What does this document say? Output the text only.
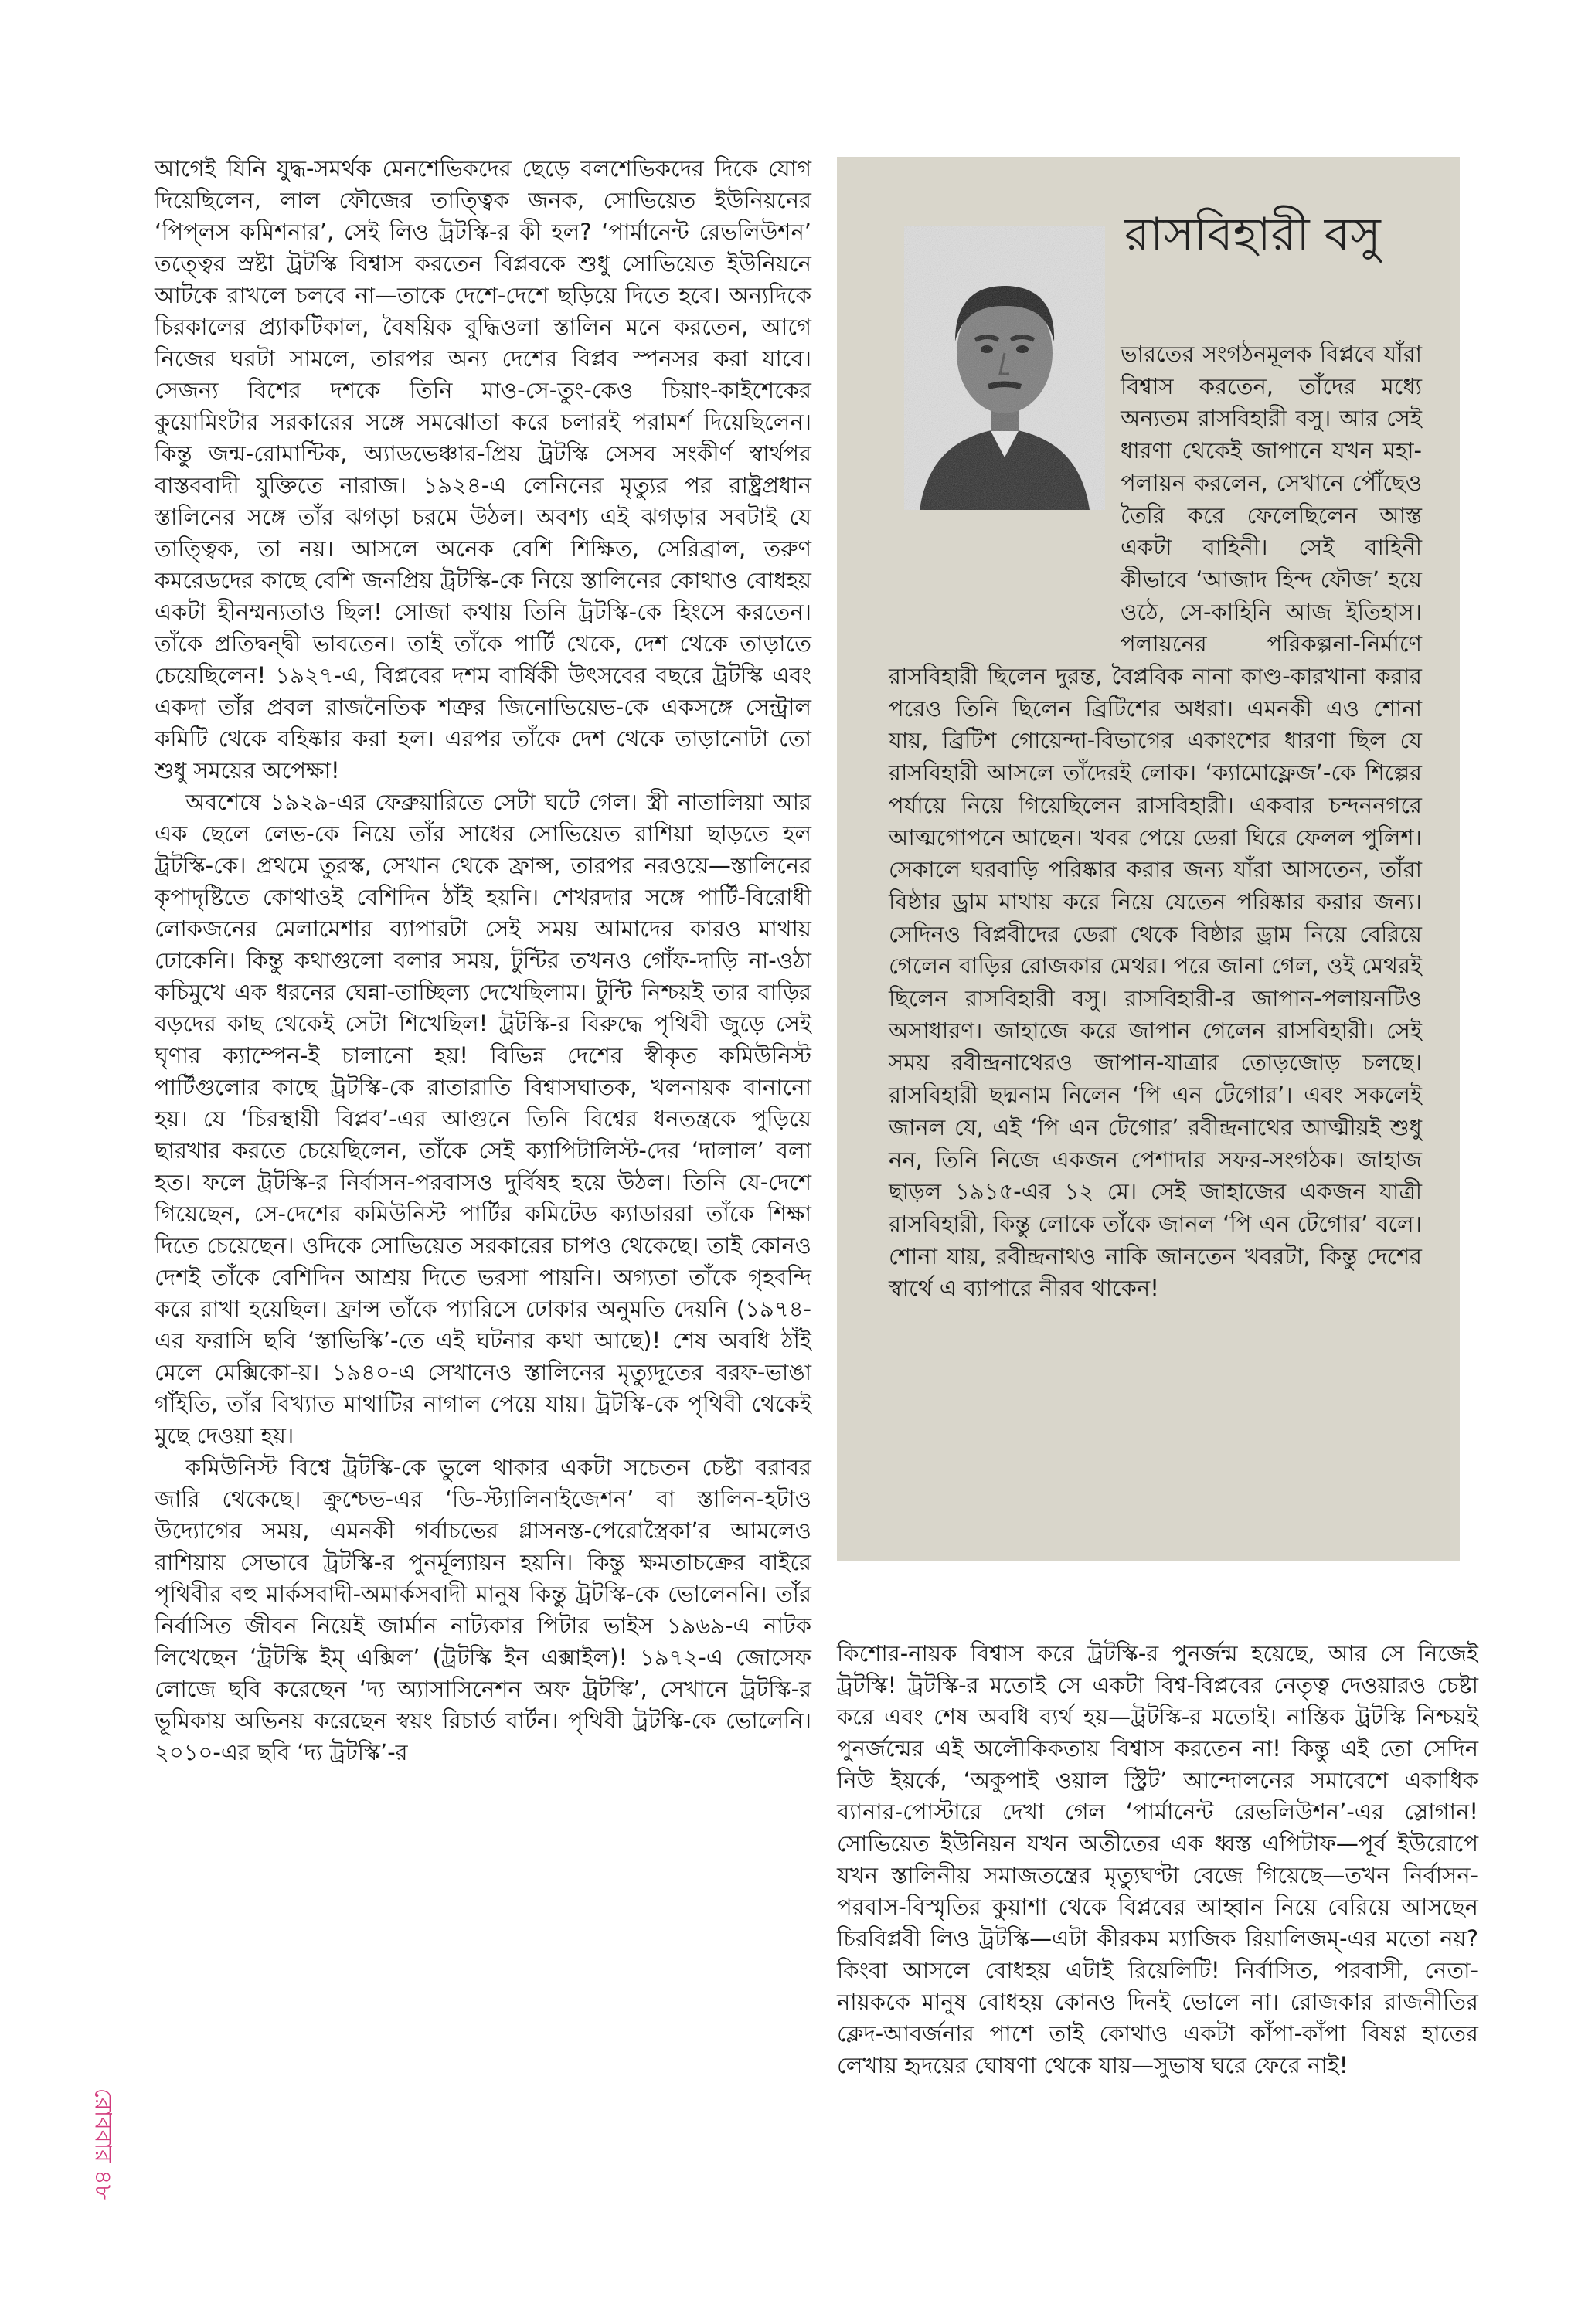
আগেই যিনি যুদ্ধ-সমর্থক মেনশেভিকদের ছেড়ে বলশেভিকদের দিকে যোগ দিয়েছিলেন, লাল ফৌজের তাত্ত্বিক জনক, সোভিয়েত ইউনিয়নের ‘পিপ্‌লস কমিশনার’, সেই লিও ট্রটস্কি-র কী হল? ‘পার্মানেন্ট রেভলিউশন’ তত্ত্বের স্রষ্টা ট্রটস্কি বিশ্বাস করতেন বিপ্লবকে শুধু সোভিয়েত ইউনিয়নে আটকে রাখলে চলবে না—তাকে দেশে-দেশে ছড়িয়ে দিতে হবে। অন্যদিকে চিরকালের প্র্যাকটিকাল, বৈষয়িক বুদ্ধিওলা স্তালিন মনে করতেন, আগে নিজের ঘরটা সামলে, তারপর অন্য দেশের বিপ্লব স্পনসর করা যাবে। সেজন্য বিশের দশকে তিনি মাও-সে-তুং-কেও চিয়াং-কাইশেকের কুয়োমিংটার সরকারের সঙ্গে সমঝোতা করে চলারই পরামর্শ দিয়েছিলেন। কিন্তু জন্ম-রোমান্টিক, অ্যাডভেঞ্চার-প্রিয় ট্রটস্কি সেসব সংকীর্ণ স্বার্থপর বাস্তববাদী যুক্তিতে নারাজ। ১৯২৪-এ লেনিনের মৃত্যুর পর রাষ্ট্রপ্রধান স্তালিনের সঙ্গে তাঁর ঝগড়া চরমে উঠল। অবশ্য এই ঝগড়ার সবটাই যে তাত্ত্বিক, তা নয়। আসলে অনেক বেশি শিক্ষিত, সেরিব্রাল, তরুণ কমরেডদের কাছে বেশি জনপ্রিয় ট্রটস্কি-কে নিয়ে স্তালিনের কোথাও বোধহয় একটা হীনম্মন্যতাও ছিল! সোজা কথায় তিনি ট্রটস্কি-কে হিংসে করতেন। তাঁকে প্রতিদ্বন্দ্বী ভাবতেন। তাই তাঁকে পার্টি থেকে, দেশ থেকে তাড়াতে চেয়েছিলেন! ১৯২৭-এ, বিপ্লবের দশম বার্ষিকী উৎসবের বছরে ট্রটস্কি এবং একদা তাঁর প্রবল রাজনৈতিক শত্রুর জিনোভিয়েভ-কে একসঙ্গে সেন্ট্রাল কমিটি থেকে বহিষ্কার করা হল। এরপর তাঁকে দেশ থেকে তাড়ানোটা তো শুধু সময়ের অপেক্ষা!

অবশেষে ১৯২৯-এর ফেব্রুয়ারিতে সেটা ঘটে গেল। স্ত্রী নাতালিয়া আর এক ছেলে লেভ-কে নিয়ে তাঁর সাধের সোভিয়েত রাশিয়া ছাড়তে হল ট্রটস্কি-কে। প্রথমে তুরস্ক, সেখান থেকে ফ্রান্স, তারপর নরওয়ে—স্তালিনের কৃপাদৃষ্টিতে কোথাওই বেশিদিন ঠাঁই হয়নি। শেখরদার সঙ্গে পার্টি-বিরোধী লোকজনের মেলামেশার ব্যাপারটা সেই সময় আমাদের কারও মাথায় ঢোকেনি। কিন্তু কথাগুলো বলার সময়, টুন্টির তখনও গোঁফ-দাড়ি না-ওঠা কচিমুখে এক ধরনের ঘেন্না-তাচ্ছিল্য দেখেছিলাম। টুন্টি নিশ্চয়ই তার বাড়ির বড়দের কাছ থেকেই সেটা শিখেছিল! ট্রটস্কি-র বিরুদ্ধে পৃথিবী জুড়ে সেই ঘৃণার ক্যাম্পেন-ই চালানো হয়! বিভিন্ন দেশের স্বীকৃত কমিউনিস্ট পার্টিগুলোর কাছে ট্রটস্কি-কে রাতারাতি বিশ্বাসঘাতক, খলনায়ক বানানো হয়। যে ‘চিরস্থায়ী বিপ্লব’-এর আগুনে তিনি বিশ্বের ধনতন্ত্রকে পুড়িয়ে ছারখার করতে চেয়েছিলেন, তাঁকে সেই ক্যাপিটালিস্ট-দের ‘দালাল’ বলা হত। ফলে ট্রটস্কি-র নির্বাসন-পরবাসও দুর্বিষহ হয়ে উঠল। তিনি যে-দেশে গিয়েছেন, সে-দেশের কমিউনিস্ট পার্টির কমিটেড ক্যাডাররা তাঁকে শিক্ষা দিতে চেয়েছেন। ওদিকে সোভিয়েত সরকারের চাপও থেকেছে। তাই কোনও দেশই তাঁকে বেশিদিন আশ্রয় দিতে ভরসা পায়নি। অগ্যতা তাঁকে গৃহবন্দি করে রাখা হয়েছিল। ফ্রান্স তাঁকে প্যারিসে ঢোকার অনুমতি দেয়নি (১৯৭৪-এর ফরাসি ছবি ‘স্তাভিস্কি’-তে এই ঘটনার কথা আছে)! শেষ অবধি ঠাঁই মেলে মেক্সিকো-য়। ১৯৪০-এ সেখানেও স্তালিনের মৃত্যুদূতের বরফ-ভাঙা গাঁইতি, তাঁর বিখ্যাত মাথাটির নাগাল পেয়ে যায়। ট্রটস্কি-কে পৃথিবী থেকেই মুছে দেওয়া হয়।

কমিউনিস্ট বিশ্বে ট্রটস্কি-কে ভুলে থাকার একটা সচেতন চেষ্টা বরাবর জারি থেকেছে। ক্রুশ্চেভ-এর ‘ডি-স্ট্যালিনাইজেশন’ বা স্তালিন-হটাও উদ্যোগের সময়, এমনকী গর্বাচভের গ্লাসনস্ত-পেরোস্ত্রৈকা’র আমলেও রাশিয়ায় সেভাবে ট্রটস্কি-র পুনর্মূল্যায়ন হয়নি। কিন্তু ক্ষমতাচক্রের বাইরে পৃথিবীর বহু মার্কসবাদী-অমার্কসবাদী মানুষ কিন্তু ট্রটস্কি-কে ভোলেননি। তাঁর নির্বাসিত জীবন নিয়েই জার্মান নাট্যকার পিটার ভাইস ১৯৬৯-এ নাটক লিখেছেন ‘ট্রটস্কি ইম্‌ এক্সিল’ (ট্রটস্কি ইন এক্সাইল)! ১৯৭২-এ জোসেফ লোজে ছবি করেছেন ‘দ্য অ্যাসাসিনেশন অফ ট্রটস্কি’, সেখানে ট্রটস্কি-র ভূমিকায় অভিনয় করেছেন স্বয়ং রিচার্ড বার্টন। পৃথিবী ট্রটস্কি-কে ভোলেনি। ২০১০-এর ছবি ‘দ্য ট্রটস্কি’-র

রাসবিহারী বসু

ভারতের সংগঠনমূলক বিপ্লবে যাঁরা বিশ্বাস করতেন, তাঁদের মধ্যে অন্যতম রাসবিহারী বসু। আর সেই ধারণা থেকেই জাপানে যখন মহা-পলায়ন করলেন, সেখানে পৌঁছেও তৈরি করে ফেলেছিলেন আস্ত একটা বাহিনী। সেই বাহিনী কীভাবে ‘আজাদ হিন্দ ফৌজ’ হয়ে ওঠে, সে-কাহিনি আজ ইতিহাস। পলায়নের পরিকল্পনা-নির্মাণে রাসবিহারী ছিলেন দুরন্ত, বৈপ্লবিক নানা কাণ্ড-কারখানা করার পরেও তিনি ছিলেন ব্রিটিশের অধরা। এমনকী এও শোনা যায়, ব্রিটিশ গোয়েন্দা-বিভাগের একাংশের ধারণা ছিল যে রাসবিহারী আসলে তাঁদেরই লোক। ‘ক্যামোফ্লেজ’-কে শিল্পের পর্যায়ে নিয়ে গিয়েছিলেন রাসবিহারী। একবার চন্দননগরে আত্মগোপনে আছেন। খবর পেয়ে ডেরা ঘিরে ফেলল পুলিশ। সেকালে ঘরবাড়ি পরিষ্কার করার জন্য যাঁরা আসতেন, তাঁরা বিষ্ঠার ড্রাম মাথায় করে নিয়ে যেতেন পরিষ্কার করার জন্য। সেদিনও বিপ্লবীদের ডেরা থেকে বিষ্ঠার ড্রাম নিয়ে বেরিয়ে গেলেন বাড়ির রোজকার মেথর। পরে জানা গেল, ওই মেথরই ছিলেন রাসবিহারী বসু। রাসবিহারী-র জাপান-পলায়নটিও অসাধারণ। জাহাজে করে জাপান গেলেন রাসবিহারী। সেই সময় রবীন্দ্রনাথেরও জাপান-যাত্রার তোড়জোড় চলছে। রাসবিহারী ছদ্মনাম নিলেন ‘পি এন টেগোর’। এবং সকলেই জানল যে, এই ‘পি এন টেগোর’ রবীন্দ্রনাথের আত্মীয়ই শুধু নন, তিনি নিজে একজন পেশাদার সফর-সংগঠক। জাহাজ ছাড়ল ১৯১৫-এর ১২ মে। সেই জাহাজের একজন যাত্রী রাসবিহারী, কিন্তু লোকে তাঁকে জানল ‘পি এন টেগোর’ বলে। শোনা যায়, রবীন্দ্রনাথও নাকি জানতেন খবরটা, কিন্তু দেশের স্বার্থে এ ব্যাপারে নীরব থাকেন!

কিশোর-নায়ক বিশ্বাস করে ট্রটস্কি-র পুনর্জন্ম হয়েছে, আর সে নিজেই ট্রটস্কি! ট্রটস্কি-র মতোই সে একটা বিশ্ব-বিপ্লবের নেতৃত্ব দেওয়ারও চেষ্টা করে এবং শেষ অবধি ব্যর্থ হয়—ট্রটস্কি-র মতোই। নাস্তিক ট্রটস্কি নিশ্চয়ই পুনর্জন্মের এই অলৌকিকতায় বিশ্বাস করতেন না! কিন্তু এই তো সেদিন নিউ ইয়র্কে, ‘অকুপাই ওয়াল স্ট্রিট’ আন্দোলনের সমাবেশে একাধিক ব্যানার-পোস্টারে দেখা গেল ‘পার্মানেন্ট রেভলিউশন’-এর স্লোগান! সোভিয়েত ইউনিয়ন যখন অতীতের এক ধ্বস্ত এপিটাফ—পূর্ব ইউরোপে যখন স্তালিনীয় সমাজতন্ত্রের মৃত্যুঘণ্টা বেজে গিয়েছে—তখন নির্বাসন-পরবাস-বিস্মৃতির কুয়াশা থেকে বিপ্লবের আহ্বান নিয়ে বেরিয়ে আসছেন চিরবিপ্লবী লিও ট্রটস্কি—এটা কীরকম ম্যাজিক রিয়ালিজম্‌-এর মতো নয়? কিংবা আসলে বোধহয় এটাই রিয়েলিটি! নির্বাসিত, পরবাসী, নেতা-নায়ককে মানুষ বোধহয় কোনও দিনই ভোলে না। রোজকার রাজনীতির ক্লেদ-আবর্জনার পাশে তাই কোথাও একটা কাঁপা-কাঁপা বিষণ্ণ হাতের লেখায় হৃদয়ের ঘোষণা থেকে যায়—সুভাষ ঘরে ফেরে নাই!

রোববার ৪৮
